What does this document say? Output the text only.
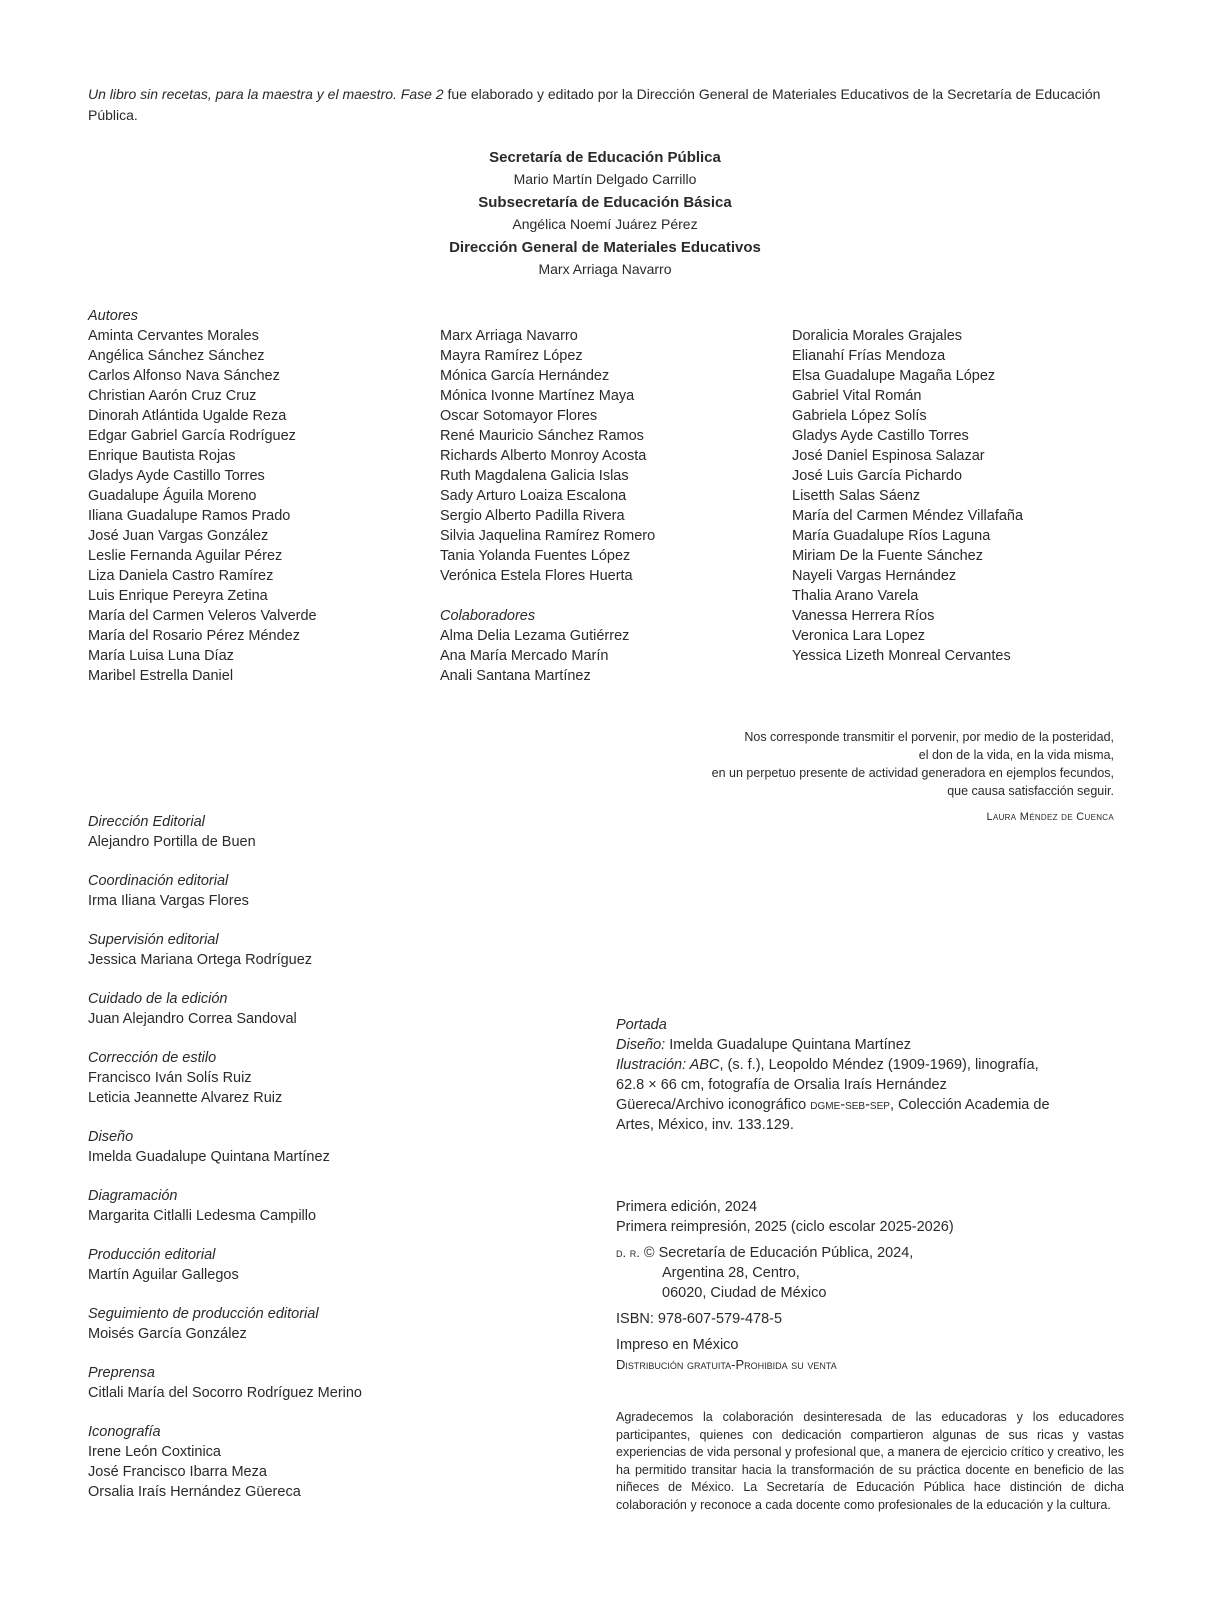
Un libro sin recetas, para la maestra y el maestro. Fase 2 fue elaborado y editado por la Dirección General de Materiales Educativos de la Secretaría de Educación Pública.
Secretaría de Educación Pública
Mario Martín Delgado Carrillo
Subsecretaría de Educación Básica
Angélica Noemí Juárez Pérez
Dirección General de Materiales Educativos
Marx Arriaga Navarro
Autores
Aminta Cervantes Morales
Angélica Sánchez Sánchez
Carlos Alfonso Nava Sánchez
Christian Aarón Cruz Cruz
Dinorah Atlántida Ugalde Reza
Edgar Gabriel García Rodríguez
Enrique Bautista Rojas
Gladys Ayde Castillo Torres
Guadalupe Águila Moreno
Iliana Guadalupe Ramos Prado
José Juan Vargas González
Leslie Fernanda Aguilar Pérez
Liza Daniela Castro Ramírez
Luis Enrique Pereyra Zetina
María del Carmen Veleros Valverde
María del Rosario Pérez Méndez
María Luisa Luna Díaz
Maribel Estrella Daniel
Marx Arriaga Navarro
Mayra Ramírez López
Mónica García Hernández
Mónica Ivonne Martínez Maya
Oscar Sotomayor Flores
René Mauricio Sánchez Ramos
Richards Alberto Monroy Acosta
Ruth Magdalena Galicia Islas
Sady Arturo Loaiza Escalona
Sergio Alberto Padilla Rivera
Silvia Jaquelina Ramírez Romero
Tania Yolanda Fuentes López
Verónica Estela Flores Huerta
Colaboradores
Alma Delia Lezama Gutiérrez
Ana María Mercado Marín
Anali Santana Martínez
Doralicia Morales Grajales
Elianahí Frías Mendoza
Elsa Guadalupe Magaña López
Gabriel Vital Román
Gabriela López Solís
Gladys Ayde Castillo Torres
José Daniel Espinosa Salazar
José Luis García Pichardo
Lisetth Salas Sáenz
María del Carmen Méndez Villafaña
María Guadalupe Ríos Laguna
Miriam De la Fuente Sánchez
Nayeli Vargas Hernández
Thalia Arano Varela
Vanessa Herrera Ríos
Veronica Lara Lopez
Yessica Lizeth Monreal Cervantes
Nos corresponde transmitir el porvenir, por medio de la posteridad,
el don de la vida, en la vida misma,
en un perpetuo presente de actividad generadora en ejemplos fecundos,
que causa satisfacción seguir.
Laura Méndez de Cuenca
Dirección Editorial
Alejandro Portilla de Buen
Coordinación editorial
Irma Iliana Vargas Flores
Supervisión editorial
Jessica Mariana Ortega Rodríguez
Cuidado de la edición
Juan Alejandro Correa Sandoval
Corrección de estilo
Francisco Iván Solís Ruiz
Leticia Jeannette Alvarez Ruiz
Diseño
Imelda Guadalupe Quintana Martínez
Diagramación
Margarita Citlalli Ledesma Campillo
Producción editorial
Martín Aguilar Gallegos
Seguimiento de producción editorial
Moisés García González
Preprensa
Citlali María del Socorro Rodríguez Merino
Iconografía
Irene León Coxtinica
José Francisco Ibarra Meza
Orsalia Iraís Hernández Güereca
Portada
Diseño: Imelda Guadalupe Quintana Martínez
Ilustración: ABC, (s. f.), Leopoldo Méndez (1909-1969), linografía, 62.8 × 66 cm, fotografía de Orsalia Iraís Hernández Güereca/Archivo iconográfico dgme-seb-sep, Colección Academia de Artes, México, inv. 133.129.
Primera edición, 2024
Primera reimpresión, 2025 (ciclo escolar 2025-2026)
d. r. © Secretaría de Educación Pública, 2024,
Argentina 28, Centro,
06020, Ciudad de México
ISBN: 978-607-579-478-5
Impreso en México
Distribución gratuita-Prohibida su venta
Agradecemos la colaboración desinteresada de las educadoras y los educadores participantes, quienes con dedicación compartieron algunas de sus ricas y vastas experiencias de vida personal y profesional que, a manera de ejercicio crítico y creativo, les ha permitido transitar hacia la transformación de su práctica docente en beneficio de las niñeces de México. La Secretaría de Educación Pública hace distinción de dicha colaboración y reconoce a cada docente como profesionales de la educación y la cultura.
